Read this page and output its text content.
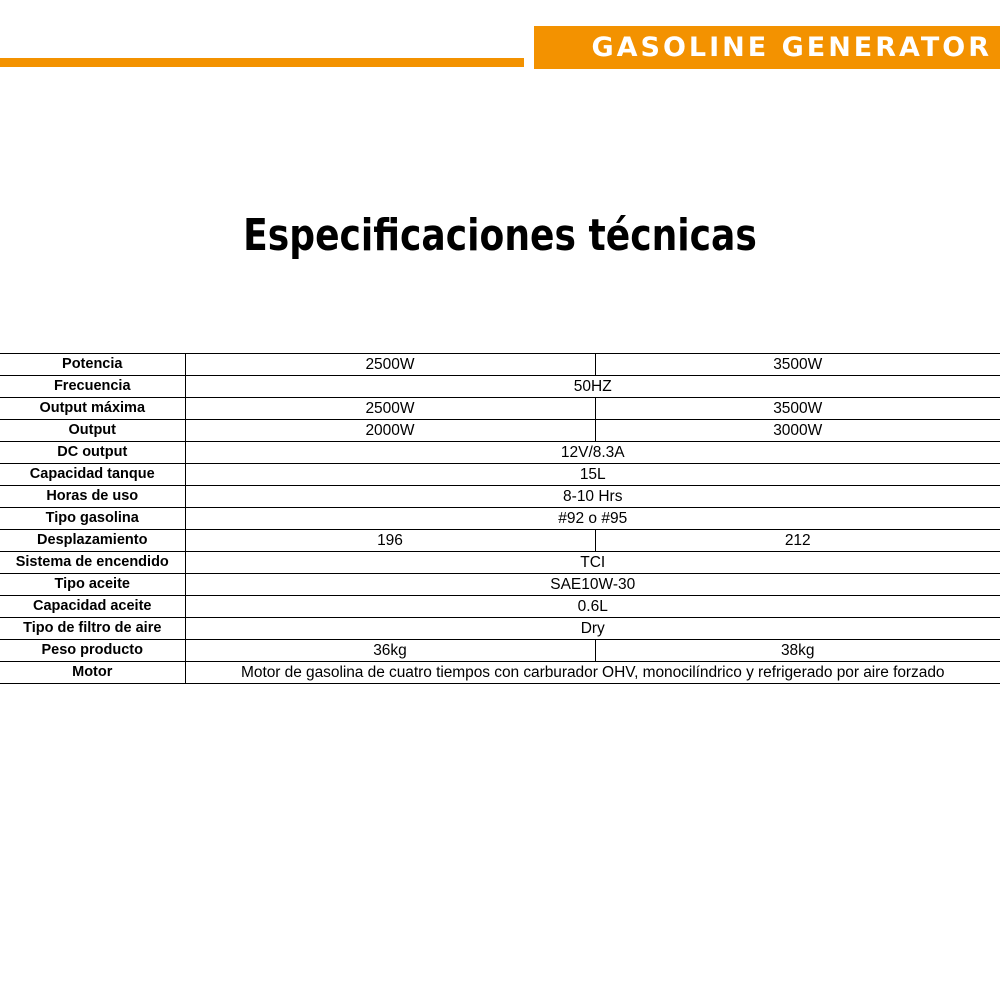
GASOLINE GENERATOR
Especificaciones técnicas
Potencia	2500W	3500W
Frecuencia	50HZ	
Output máxima	2500W	3500W
Output	2000W	3000W
DC output	12V/8.3A	
Capacidad tanque	15L	
Horas de uso	8-10 Hrs	
Tipo gasolina	#92 o #95	
Desplazamiento	196	212
Sistema de encendido	TCI	
Tipo aceite	SAE10W-30	
Capacidad aceite	0.6L	
Tipo de filtro de aire	Dry	
Peso producto	36kg	38kg
Motor	Motor de gasolina de cuatro tiempos con carburador OHV, monocilíndrico y refrigerado por aire forzado	
